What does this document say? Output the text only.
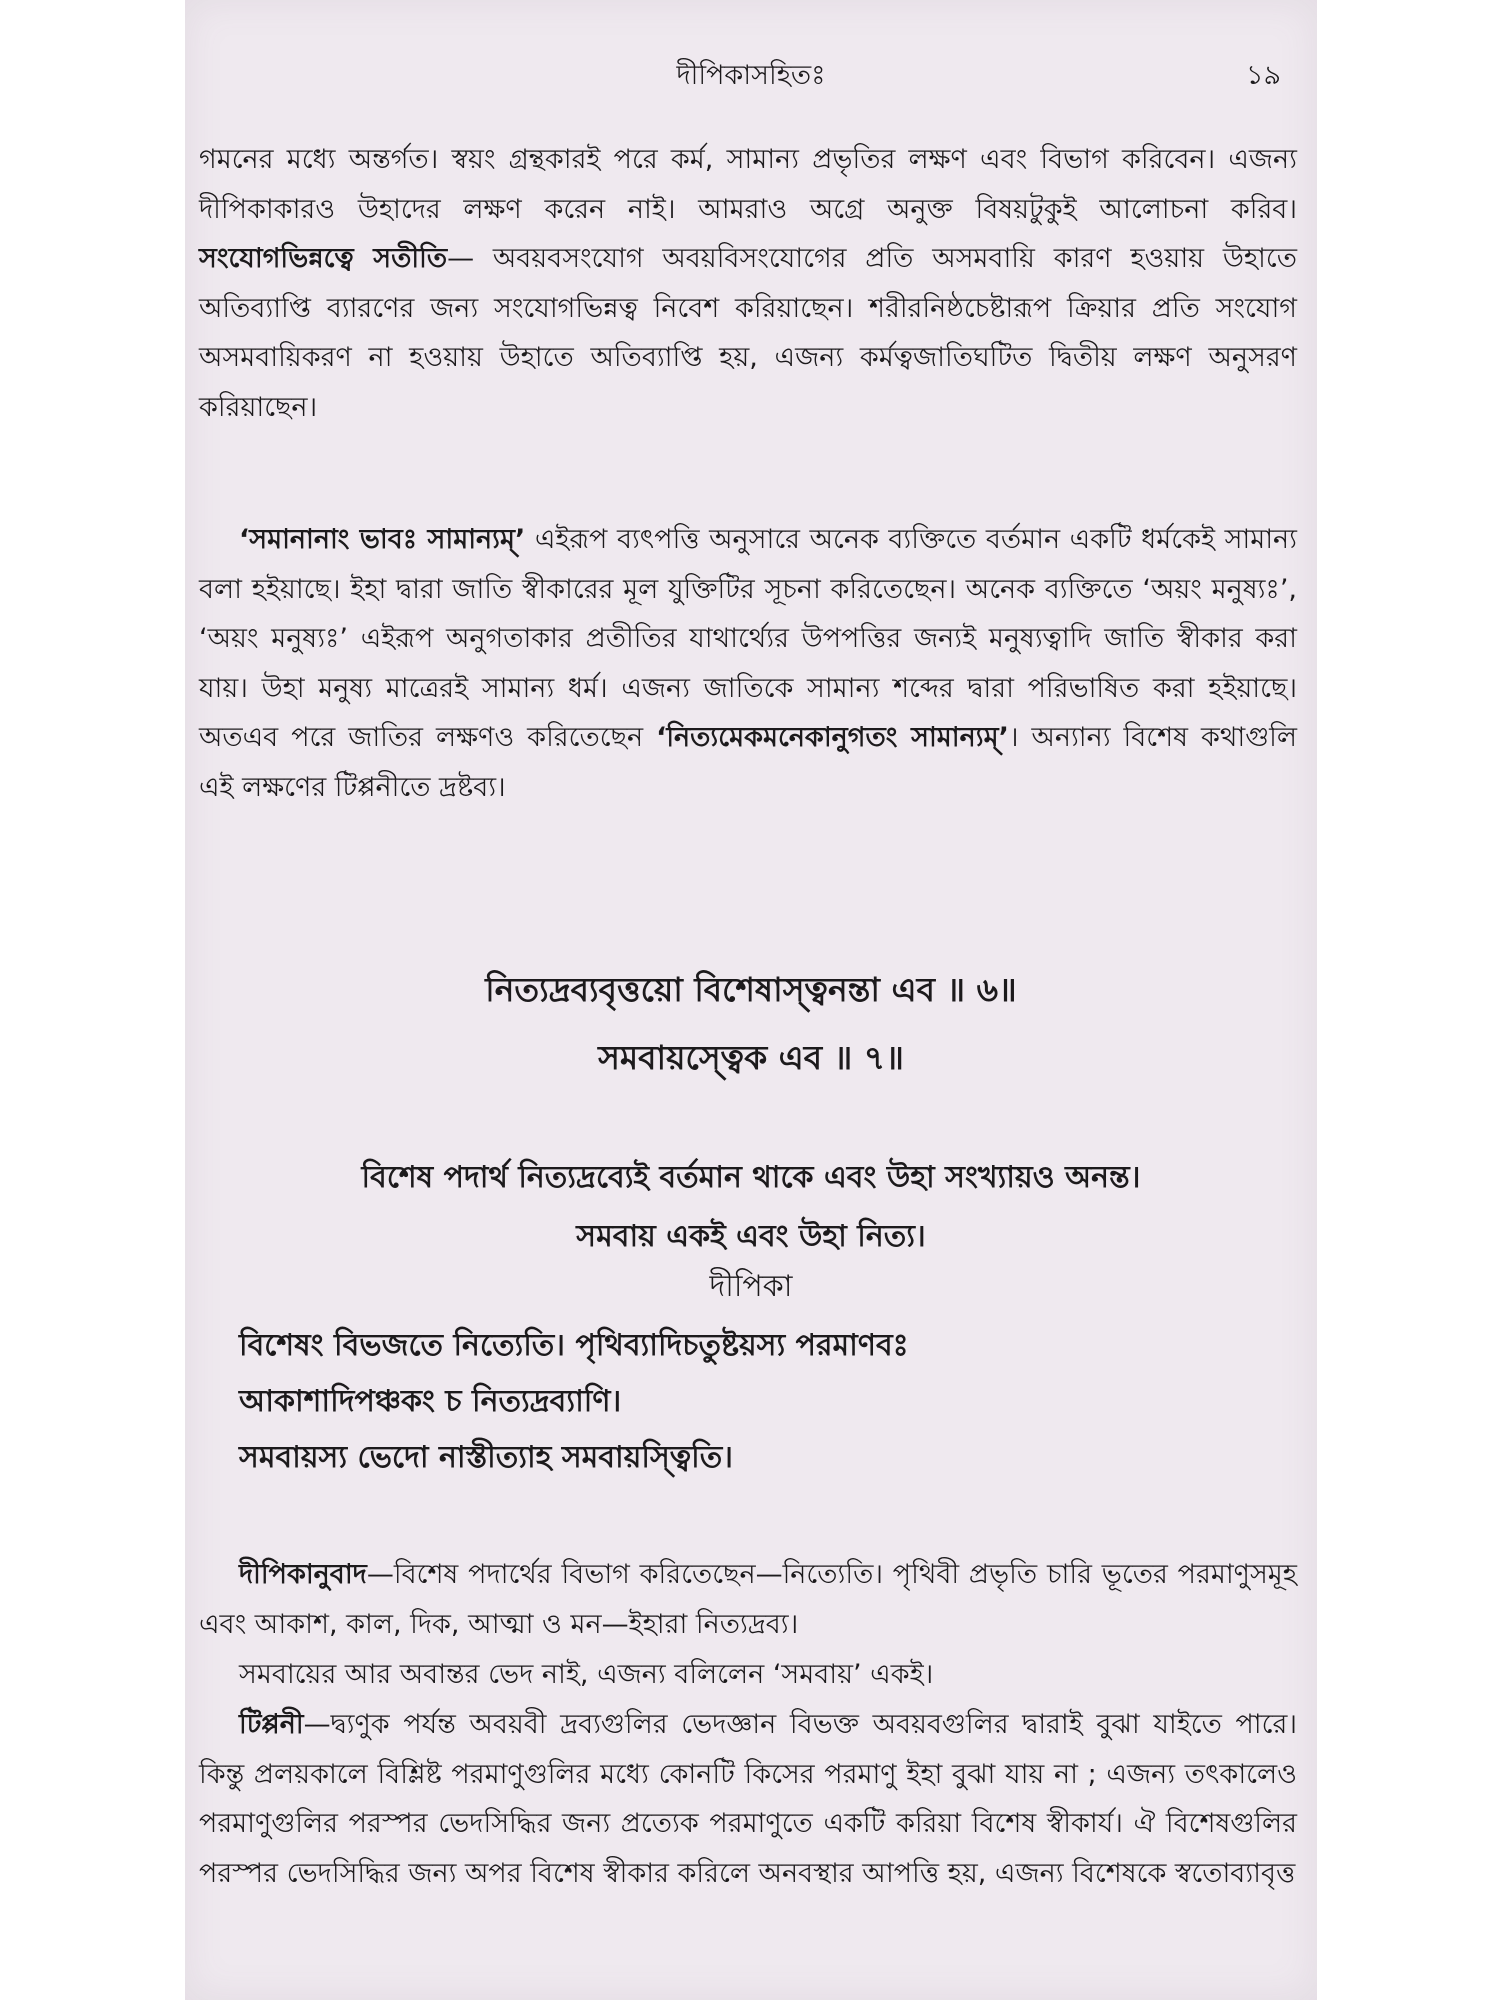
দীপিকাসহিতঃ	১৯

গমনের মধ্যে অন্তর্গত। স্বয়ং গ্রন্থকারই পরে কর্ম, সামান্য প্রভৃতির লক্ষণ এবং বিভাগ করিবেন। এজন্য দীপিকাকারও উহাদের লক্ষণ করেন নাই। আমরাও অগ্রে অনুক্ত বিষয়টুকুই আলোচনা করিব। সংযোগভিন্নত্বে সতীতি— অবয়বসংযোগ অবয়বিসংযোগের প্রতি অসমবায়ি কারণ হওয়ায় উহাতে অতিব্যাপ্তি ব্যারণের জন্য সংযোগভিন্নত্ব নিবেশ করিয়াছেন। শরীরনিষ্ঠচেষ্টারূপ ক্রিয়ার প্রতি সংযোগ অসমবায়িকরণ না হওয়ায় উহাতে অতিব্যাপ্তি হয়, এজন্য কর্মত্বজাতিঘটিত দ্বিতীয় লক্ষণ অনুসরণ করিয়াছেন।

‘সমানানাং ভাবঃ সামান্যম্’ এইরূপ ব্যৎপত্তি অনুসারে অনেক ব্যক্তিতে বর্তমান একটি ধর্মকেই সামান্য বলা হইয়াছে। ইহা দ্বারা জাতি স্বীকারের মূল যুক্তিটির সূচনা করিতেছেন। অনেক ব্যক্তিতে ‘অয়ং মনুষ্যঃ’, ‘অয়ং মনুষ্যঃ’ এইরূপ অনুগতাকার প্রতীতির যাথার্থ্যের উপপত্তির জন্যই মনুষ্যত্বাদি জাতি স্বীকার করা যায়। উহা মনুষ্য মাত্রেরই সামান্য ধর্ম। এজন্য জাতিকে সামান্য শব্দের দ্বারা পরিভাষিত করা হইয়াছে। অতএব পরে জাতির লক্ষণও করিতেছেন ‘নিত্যমেকমনেকানুগতং সামান্যম্’। অন্যান্য বিশেষ কথাগুলি এই লক্ষণের টিপ্পনীতে দ্রষ্টব্য।

নিত্যদ্রব্যবৃত্তয়ো বিশেষাস্ত্বনন্তা এব ॥ ৬॥
সমবায়স্ত্বেক এব ॥ ৭॥
বিশেষ পদার্থ নিত্যদ্রব্যেই বর্তমান থাকে এবং উহা সংখ্যায়ও অনন্ত।
সমবায় একই এবং উহা নিত্য।
দীপিকা
বিশেষং বিভজতে নিত্যেতি। পৃথিব্যাদিচতুষ্টয়স্য পরমাণবঃ
আকাশাদিপঞ্চকং চ নিত্যদ্রব্যাণি।
সমবায়স্য ভেদো নাস্তীত্যাহ সমবায়স্ত্বিতি।

দীপিকানুবাদ—বিশেষ পদার্থের বিভাগ করিতেছেন—নিত্যেতি। পৃথিবী প্রভৃতি চারি ভূতের পরমাণুসমূহ এবং আকাশ, কাল, দিক, আত্মা ও মন—ইহারা নিত্যদ্রব্য।

সমবায়ের আর অবান্তর ভেদ নাই, এজন্য বলিলেন ‘সমবায়’ একই।

টিপ্পনী—দ্ব্যণুক পর্যন্ত অবয়বী দ্রব্যগুলির ভেদজ্ঞান বিভক্ত অবয়বগুলির দ্বারাই বুঝা যাইতে পারে। কিন্তু প্রলয়কালে বিশ্লিষ্ট পরমাণুগুলির মধ্যে কোনটি কিসের পরমাণু ইহা বুঝা যায় না ; এজন্য তৎকালেও পরমাণুগুলির পরস্পর ভেদসিদ্ধির জন্য প্রত্যেক পরমাণুতে একটি করিয়া বিশেষ স্বীকার্য। ঐ বিশেষগুলির পরস্পর ভেদসিদ্ধির জন্য অপর বিশেষ স্বীকার করিলে অনবস্থার আপত্তি হয়, এজন্য বিশেষকে স্বতোব্যাবৃত্ত
